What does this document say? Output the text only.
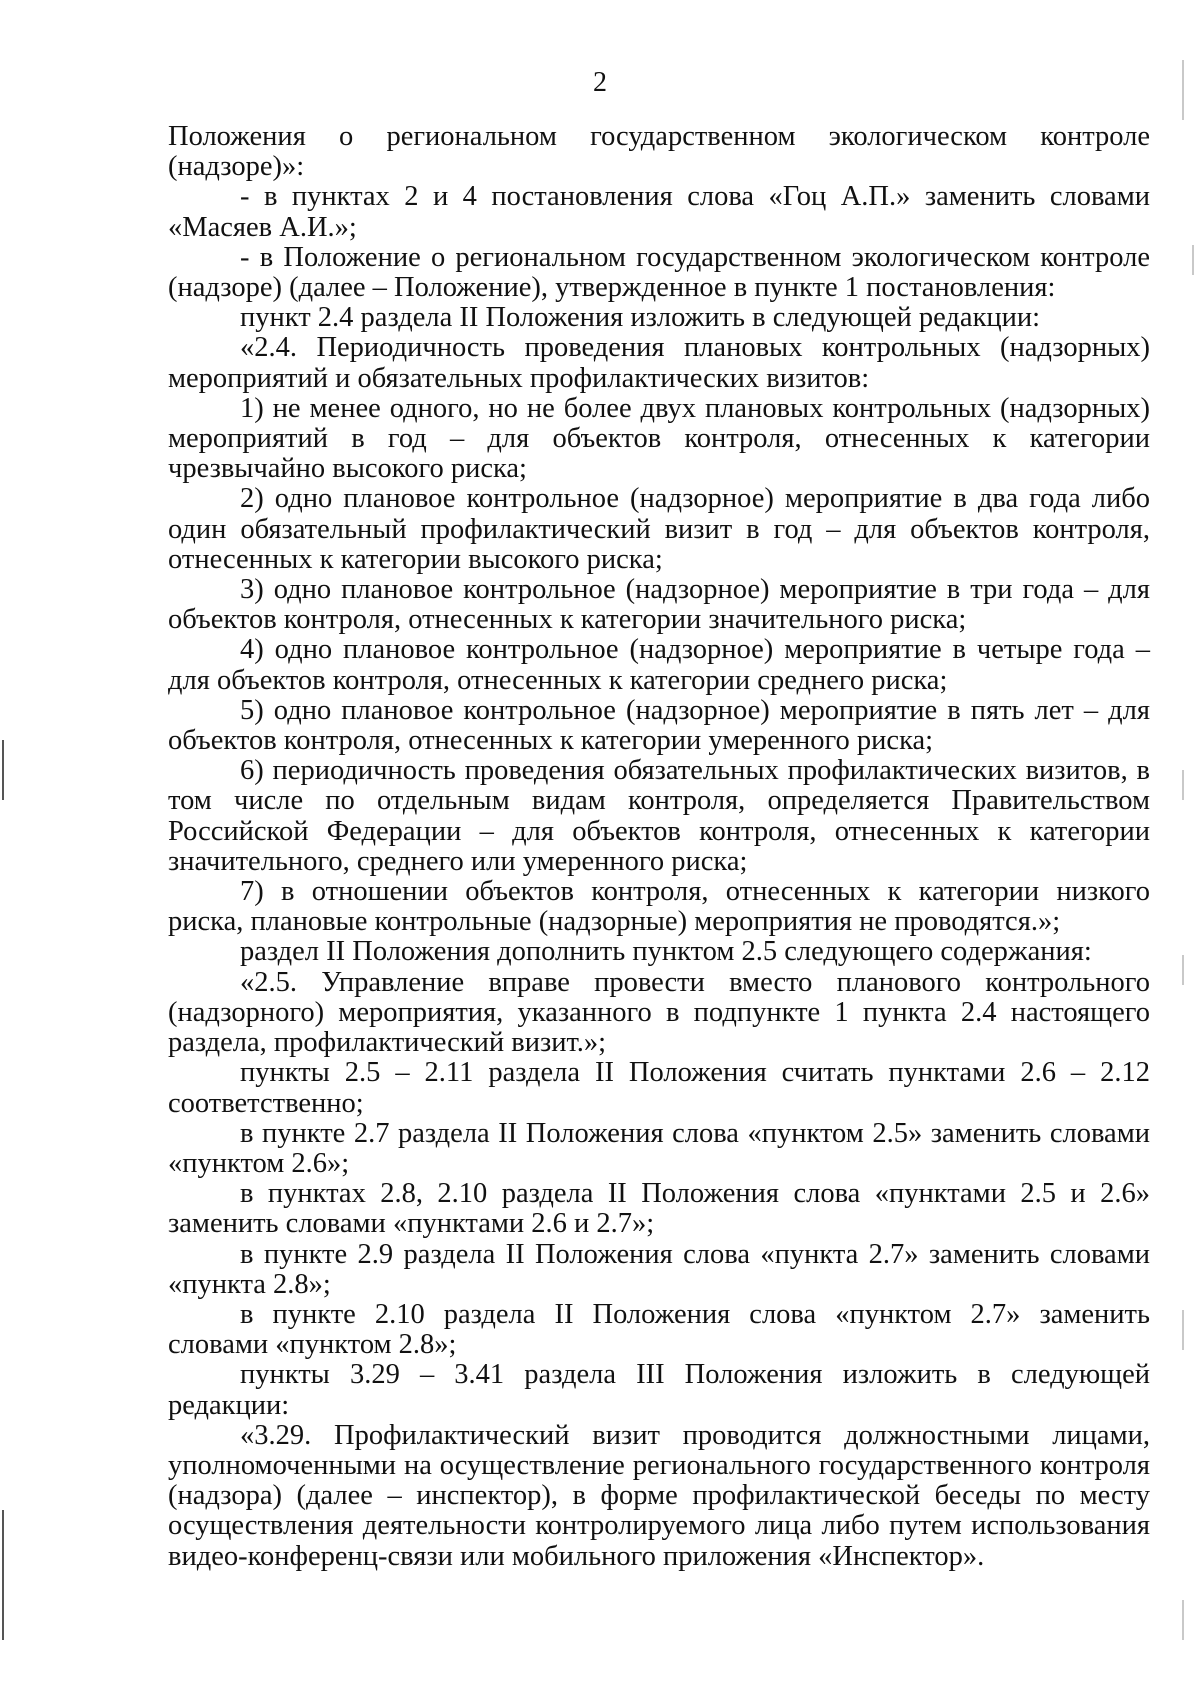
2

Положения о региональном государственном экологическом контроле (надзоре)»:

- в пунктах 2 и 4 постановления слова «Гоц А.П.» заменить словами «Масяев А.И.»;

- в Положение о региональном государственном экологическом контроле (надзоре) (далее – Положение), утвержденное в пункте 1 постановления:

пункт 2.4 раздела II Положения изложить в следующей редакции:

«2.4. Периодичность проведения плановых контрольных (надзорных) мероприятий и обязательных профилактических визитов:

1) не менее одного, но не более двух плановых контрольных (надзорных) мероприятий в год – для объектов контроля, отнесенных к категории чрезвычайно высокого риска;

2) одно плановое контрольное (надзорное) мероприятие в два года либо один обязательный профилактический визит в год – для объектов контроля, отнесенных к категории высокого риска;

3) одно плановое контрольное (надзорное) мероприятие в три года – для объектов контроля, отнесенных к категории значительного риска;

4) одно плановое контрольное (надзорное) мероприятие в четыре года – для объектов контроля, отнесенных к категории среднего риска;

5) одно плановое контрольное (надзорное) мероприятие в пять лет – для объектов контроля, отнесенных к категории умеренного риска;

6) периодичность проведения обязательных профилактических визитов, в том числе по отдельным видам контроля, определяется Правительством Российской Федерации – для объектов контроля, отнесенных к категории значительного, среднего или умеренного риска;

7) в отношении объектов контроля, отнесенных к категории низкого риска, плановые контрольные (надзорные) мероприятия не проводятся.»;

раздел II Положения дополнить пунктом 2.5 следующего содержания:

«2.5. Управление вправе провести вместо планового контрольного (надзорного) мероприятия, указанного в подпункте 1 пункта 2.4 настоящего раздела, профилактический визит.»;

пункты 2.5 – 2.11 раздела II Положения считать пунктами 2.6 – 2.12 соответственно;

в пункте 2.7 раздела II Положения слова «пунктом 2.5» заменить словами «пунктом 2.6»;

в пунктах 2.8, 2.10 раздела II Положения слова «пунктами 2.5 и 2.6» заменить словами «пунктами 2.6 и 2.7»;

в пункте 2.9 раздела II Положения слова «пункта 2.7» заменить словами «пункта 2.8»;

в пункте 2.10 раздела II Положения слова «пунктом 2.7» заменить словами «пунктом 2.8»;

пункты 3.29 – 3.41 раздела III Положения изложить в следующей редакции:

«3.29. Профилактический визит проводится должностными лицами, уполномоченными на осуществление регионального государственного контроля (надзора) (далее – инспектор), в форме профилактической беседы по месту осуществления деятельности контролируемого лица либо путем использования видео-конференц-связи или мобильного приложения «Инспектор».
